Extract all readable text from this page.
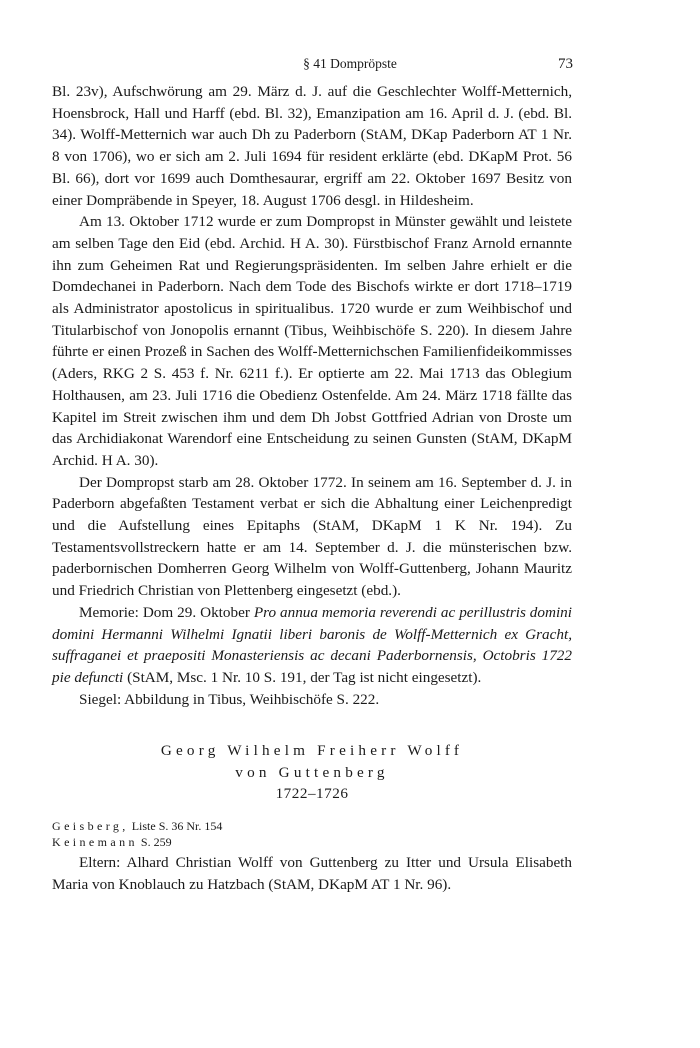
§ 41 Dompröpste	73

Bl. 23v), Aufschwörung am 29. März d. J. auf die Geschlechter Wolff-Metternich, Hoensbrock, Hall und Harff (ebd. Bl. 32), Emanzipation am 16. April d. J. (ebd. Bl. 34). Wolff-Metternich war auch Dh zu Paderborn (StAM, DKap Paderborn AT 1 Nr. 8 von 1706), wo er sich am 2. Juli 1694 für resident erklärte (ebd. DKapM Prot. 56 Bl. 66), dort vor 1699 auch Domthesaurar, ergriff am 22. Oktober 1697 Besitz von einer Dompräbende in Speyer, 18. August 1706 desgl. in Hildesheim.

Am 13. Oktober 1712 wurde er zum Dompropst in Münster gewählt und leistete am selben Tage den Eid (ebd. Archid. H A. 30). Fürstbischof Franz Arnold ernannte ihn zum Geheimen Rat und Regierungspräsidenten. Im selben Jahre erhielt er die Domdechanei in Paderborn. Nach dem Tode des Bischofs wirkte er dort 1718–1719 als Administrator apostolicus in spiritualibus. 1720 wurde er zum Weihbischof und Titularbischof von Jonopolis ernannt (Tibus, Weihbischöfe S. 220). In diesem Jahre führte er einen Prozeß in Sachen des Wolff-Metternichschen Familienfideikommisses (Aders, RKG 2 S. 453 f. Nr. 6211 f.). Er optierte am 22. Mai 1713 das Oblegium Holthausen, am 23. Juli 1716 die Obedienz Ostenfelde. Am 24. März 1718 fällte das Kapitel im Streit zwischen ihm und dem Dh Jobst Gottfried Adrian von Droste um das Archidiakonat Warendorf eine Entscheidung zu seinen Gunsten (StAM, DKapM Archid. H A. 30).

Der Dompropst starb am 28. Oktober 1772. In seinem am 16. September d. J. in Paderborn abgefaßten Testament verbat er sich die Abhaltung einer Leichenpredigt und die Aufstellung eines Epitaphs (StAM, DKapM 1 K Nr. 194). Zu Testamentsvollstreckern hatte er am 14. September d. J. die münsterischen bzw. paderbornischen Domherren Georg Wilhelm von Wolff-Guttenberg, Johann Mauritz und Friedrich Christian von Plettenberg eingesetzt (ebd.).

Memorie: Dom 29. Oktober Pro annua memoria reverendi ac perillustris domini domini Hermanni Wilhelmi Ignatii liberi baronis de Wolff-Metternich ex Gracht, suffraganei et praepositi Monasteriensis ac decani Paderbornensis, Octobris 1722 pie defuncti (StAM, Msc. 1 Nr. 10 S. 191, der Tag ist nicht eingesetzt).

Siegel: Abbildung in Tibus, Weihbischöfe S. 222.

Georg Wilhelm Freiherr Wolff
von Guttenberg
1722–1726
Geisberg, Liste S. 36 Nr. 154
Keinemann S. 259

Eltern: Alhard Christian Wolff von Guttenberg zu Itter und Ursula Elisabeth Maria von Knoblauch zu Hatzbach (StAM, DKapM AT 1 Nr. 96).
